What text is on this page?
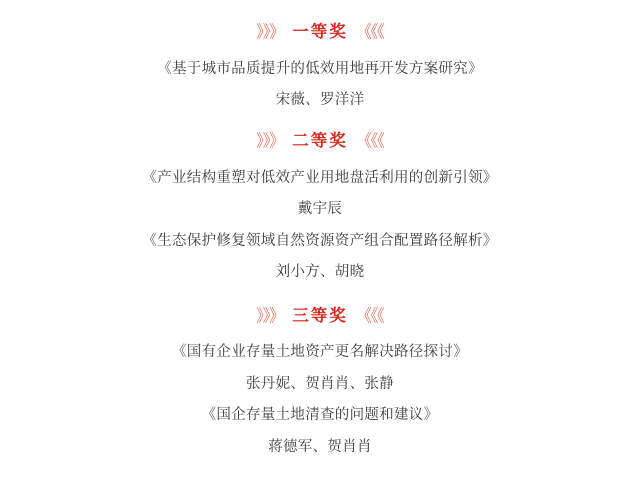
》》》 一等奖 《《《
《基于城市品质提升的低效用地再开发方案研究》
宋薇、罗洋洋
》》》 二等奖 《《《
《产业结构重塑对低效产业用地盘活利用的创新引领》
戴宇辰
《生态保护修复领域自然资源资产组合配置路径解析》
刘小方、胡晓
》》》 三等奖 《《《
《国有企业存量土地资产更名解决路径探讨》
张丹妮、贺肖肖、张静
《国企存量土地清查的问题和建议》
蒋德军、贺肖肖
